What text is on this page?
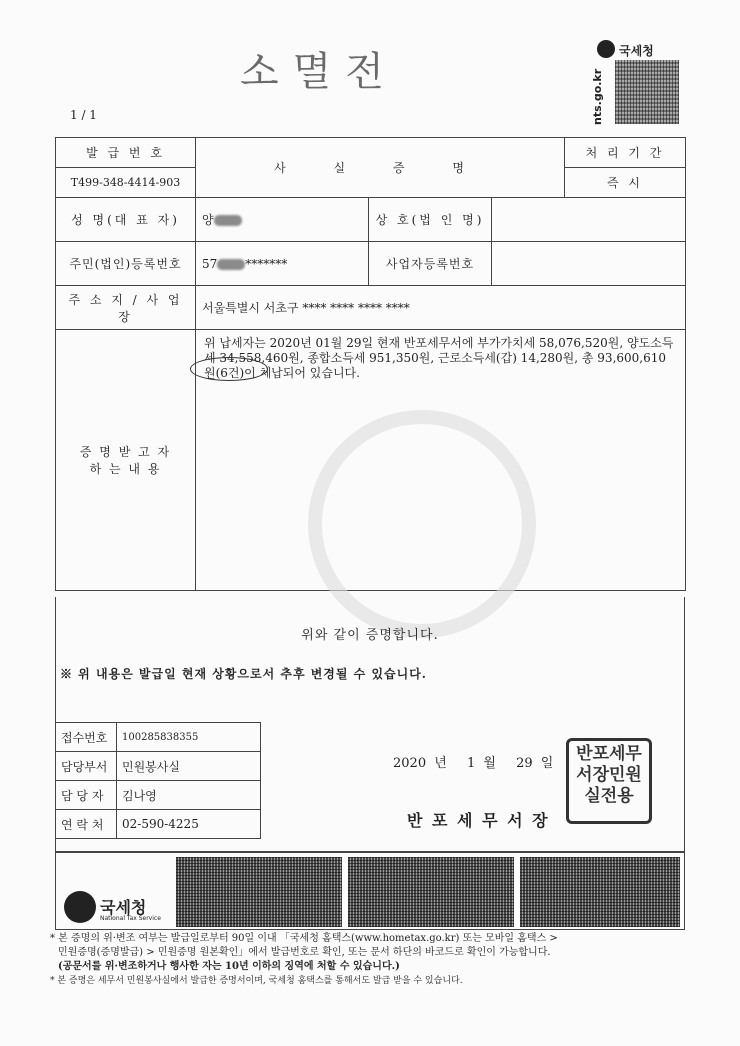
소멸전
1 / 1
국세청
nts.go.kr
발 급 번 호	사 실 증 명		처 리 기 간
T499-348-4414-903			즉 시
성 명(대 표 자)	양	상 호(법 인 명)	

주민(법인)등록번호	57 *******	사업자등록번호	

주 소 지 / 사 업 장	서울특별시 서초구 **** **** **** ****		

증 명 받 고 자
하 는 내 용	위 납세자는 2020년 01월 29일 현재 반포세무서에 부가가치세 58,076,520원, 양도소득세 34,558,460원, 종합소득세 951,350원, 근로소득세(갑) 14,280원, 총 93,600,610원(6건)이 체납되어 있습니다.		
위와 같이 증명합니다.
※ 위 내용은 발급일 현재 상황으로서 추후 변경될 수 있습니다.
접수번호	100285838355
담당부서	민원봉사실
담 당 자	김나영
연 락 처	02-590-4225
2020 년 1 월 29 일
반 포 세 무 서 장
반포세무서장민원실전용
국세청
National Tax Service
* 본 증명의 위·변조 여부는 발급일로부터 90일 이내 「국세청 홈택스(www.hometax.go.kr) 또는 모바일 홈택스 >
민원증명(증명발급) > 민원증명 원본확인」에서 발급번호로 확인, 또는 문서 하단의 바코드로 확인이 가능합니다.
(공문서를 위·변조하거나 행사한 자는 10년 이하의 징역에 처할 수 있습니다.)
* 본 증명은 세무서 민원봉사실에서 발급한 증명서이며, 국세청 홈택스를 통해서도 발급 받을 수 있습니다.
